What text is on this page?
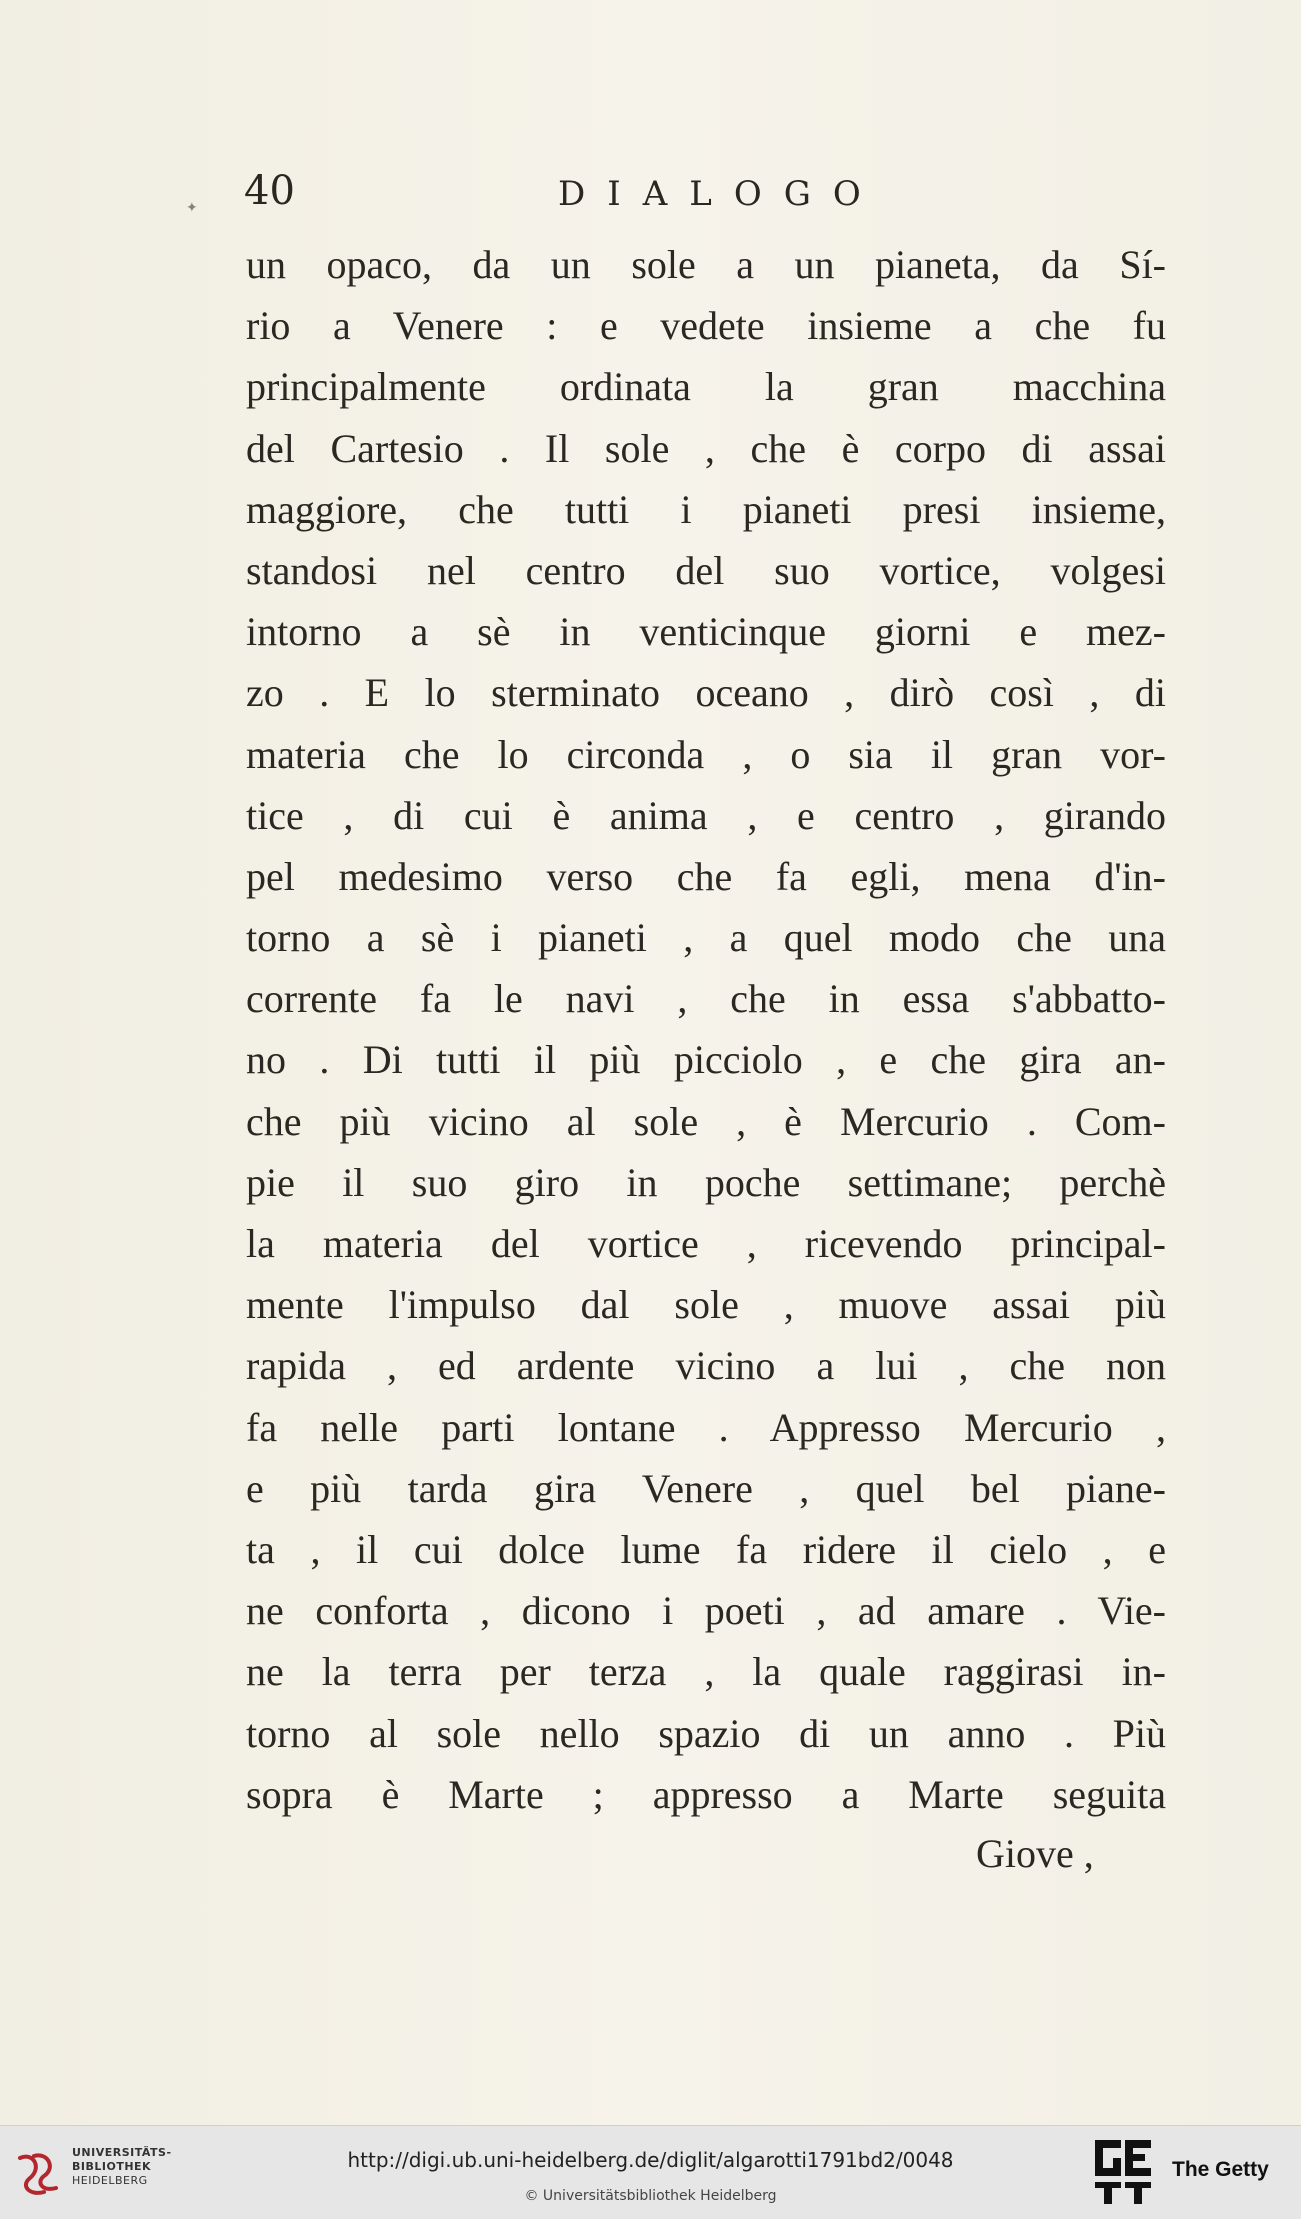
✦ 40	DIALOGO
un opaco, da un sole a un pianeta, da Sí-
rio a Venere : e vedete insieme a che fu
principalmente ordinata la gran macchina
del Cartesio . Il sole , che è corpo di assai
maggiore, che tutti i pianeti presi insieme,
standosi nel centro del suo vortice, volgesi
intorno a sè in venticinque giorni e mez-
zo . E lo sterminato oceano , dirò così , di
materia che lo circonda , o sia il gran vor-
tice , di cui è anima , e centro , girando
pel medesimo verso che fa egli, mena d'in-
torno a sè i pianeti , a quel modo che una
corrente fa le navi , che in essa s'abbatto-
no . Di tutti il più picciolo , e che gira an-
che più vicino al sole , è Mercurio . Com-
pie il suo giro in poche settimane; perchè
la materia del vortice , ricevendo principal-
mente l'impulso dal sole , muove assai più
rapida , ed ardente vicino a lui , che non
fa nelle parti lontane . Appresso Mercurio ,
e più tarda gira Venere , quel bel piane-
ta , il cui dolce lume fa ridere il cielo , e
ne conforta , dicono i poeti , ad amare . Vie-
ne la terra per terza , la quale raggirasi in-
torno al sole nello spazio di un anno . Più
sopra è Marte ; appresso a Marte seguita
Giove ,
UNIVERSITÄTS-
BIBLIOTHEK
HEIDELBERG
http://digi.ub.uni-heidelberg.de/diglit/algarotti1791bd2/0048
© Universitätsbibliothek Heidelberg
The Getty
